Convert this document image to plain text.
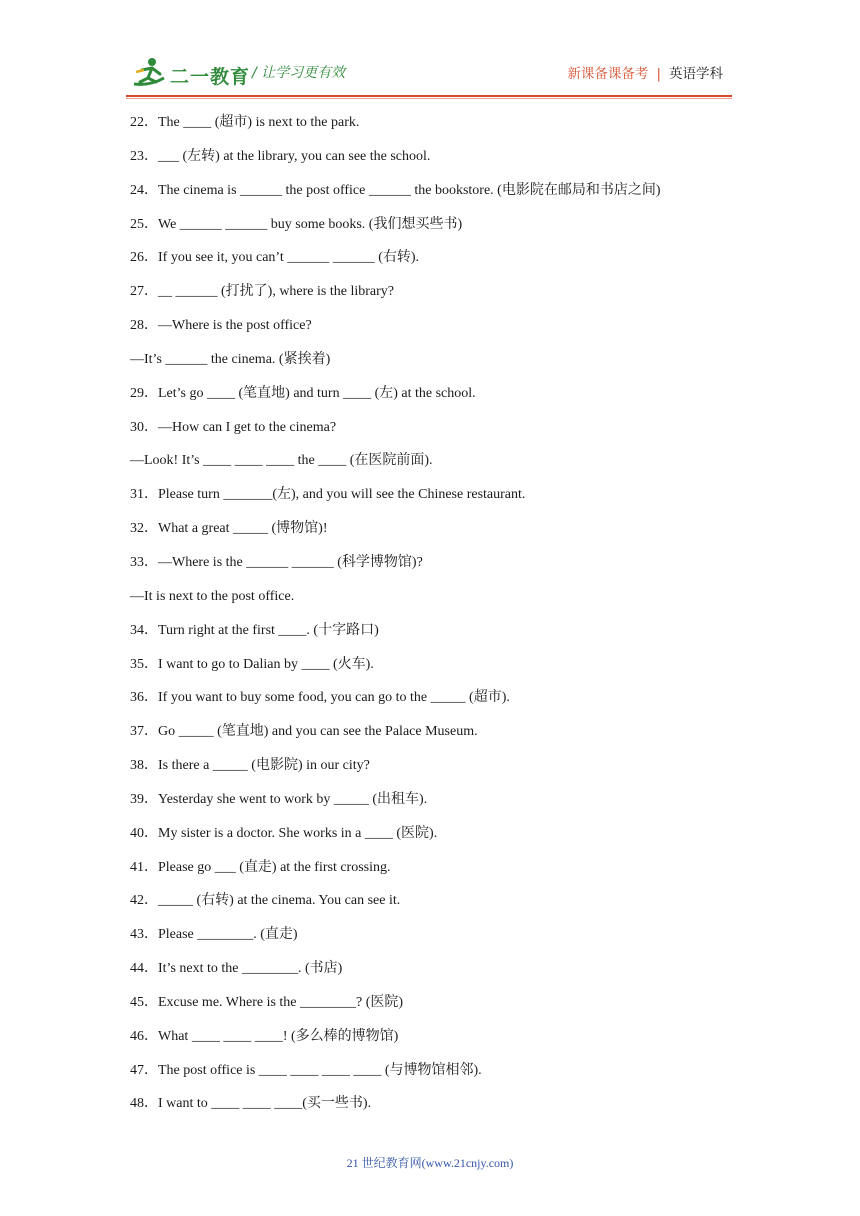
二一教育 / 让学习更有效	新课备课备考 | 英语学科
22．The ____ (超市) is next to the park.
23．___ (左转) at the library, you can see the school.
24．The cinema is ______ the post office ______ the bookstore. (电影院在邮局和书店之间)
25．We ______ ______ buy some books. (我们想买些书)
26．If you see it, you can’t ______ ______ (右转).
27．__ ______ (打扰了), where is the library?
28．—Where is the post office?
—It’s ______ the cinema. (紧挨着)
29．Let’s go ____ (笔直地) and turn ____ (左) at the school.
30．—How can I get to the cinema?
—Look! It’s ____ ____ ____ the ____ (在医院前面).
31．Please turn _______(左), and you will see the Chinese restaurant.
32．What a great _____ (博物馆)!
33．—Where is the ______ ______ (科学博物馆)?
—It is next to the post office.
34．Turn right at the first ____. (十字路口)
35．I want to go to Dalian by ____ (火车).
36．If you want to buy some food, you can go to the _____ (超市).
37．Go _____ (笔直地) and you can see the Palace Museum.
38．Is there a _____ (电影院) in our city?
39．Yesterday she went to work by _____ (出租车).
40．My sister is a doctor. She works in a ____ (医院).
41．Please go ___ (直走) at the first crossing.
42．_____ (右转) at the cinema. You can see it.
43．Please ________. (直走)
44．It’s next to the ________. (书店)
45．Excuse me. Where is the ________? (医院)
46．What ____ ____ ____! (多么棒的博物馆)
47．The post office is ____ ____ ____ ____ (与博物馆相邻).
48．I want to ____ ____ ____(买一些书).
21 世纪教育网(www.21cnjy.com)
